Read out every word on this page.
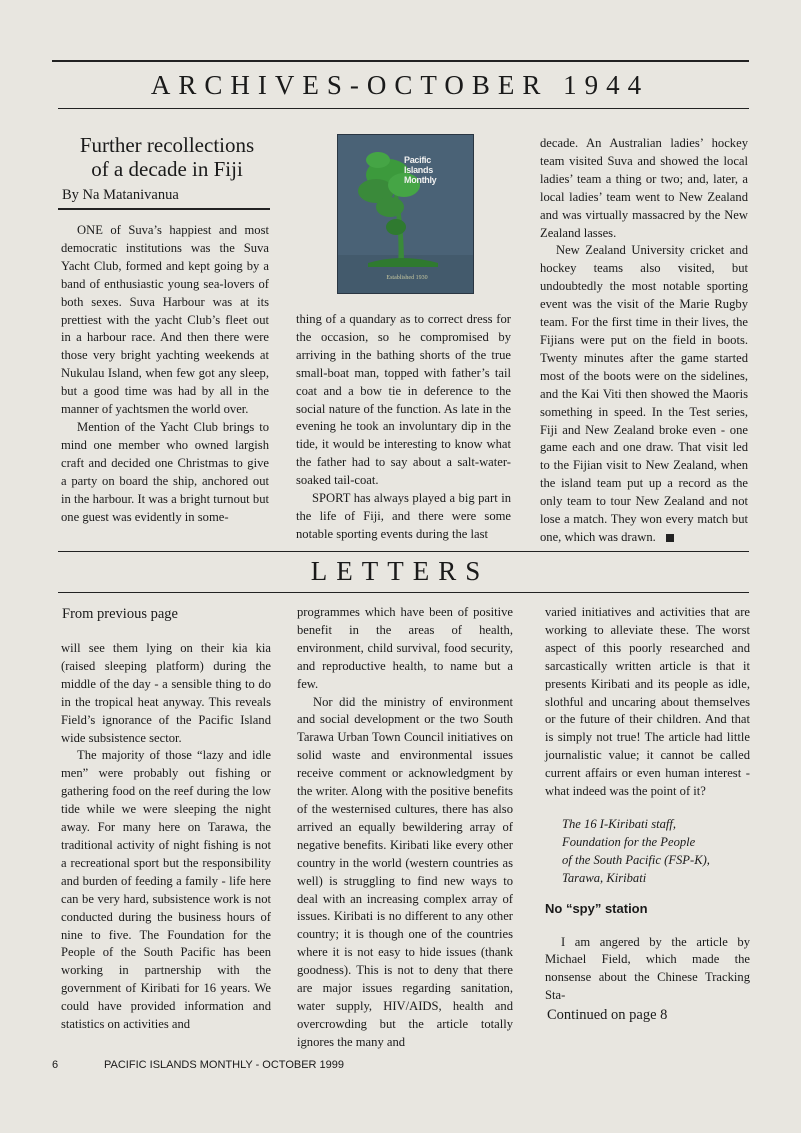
ARCHIVES-OCTOBER 1944
Further recollections
of a decade in Fiji
By Na Matanivanua

ONE of Suva’s happiest and most democratic institutions was the Suva Yacht Club, formed and kept going by a band of enthusiastic young sea-lovers of both sexes. Suva Harbour was at its prettiest with the yacht Club’s fleet out in a harbour race. And then there were those very bright yachting weekends at Nukulau Island, when few got any sleep, but a good time was had by all in the manner of yachtsmen the world over.

Mention of the Yacht Club brings to mind one member who owned largish craft and decided one Christmas to give a party on board the ship, anchored out in the harbour. It was a bright turnout but one guest was evidently in some-

Pacific Islands Monthly
Established 1930

thing of a quandary as to correct dress for the occasion, so he compromised by arriving in the bathing shorts of the true small-boat man, topped with father’s tail coat and a bow tie in deference to the social nature of the function. As late in the evening he took an involuntary dip in the tide, it would be interesting to know what the father had to say about a salt-water-soaked tail-coat.

SPORT has always played a big part in the life of Fiji, and there were some notable sporting events during the last

decade. An Australian ladies’ hockey team visited Suva and showed the local ladies’ team a thing or two; and, later, a local ladies’ team went to New Zealand and was virtually massacred by the New Zealand lasses.

New Zealand University cricket and hockey teams also visited, but undoubtedly the most notable sporting event was the visit of the Marie Rugby team. For the first time in their lives, the Fijians were put on the field in boots. Twenty minutes after the game started most of the boots were on the sidelines, and the Kai Viti then showed the Maoris something in speed. In the Test series, Fiji and New Zealand broke even - one game each and one draw. That visit led to the Fijian visit to New Zealand, when the island team put up a record as the only team to tour New Zealand and not lose a match. They won every match but one, which was drawn.

LETTERS
From previous page

will see them lying on their kia kia (raised sleeping platform) during the middle of the day - a sensible thing to do in the tropical heat anyway. This reveals Field’s ignorance of the Pacific Island wide subsistence sector.

The majority of those “lazy and idle men” were probably out fishing or gathering food on the reef during the low tide while we were sleeping the night away. For many here on Tarawa, the traditional activity of night fishing is not a recreational sport but the responsibility and burden of feeding a family - life here can be very hard, subsistence work is not conducted during the business hours of nine to five. The Foundation for the People of the South Pacific has been working in partnership with the government of Kiribati for 16 years. We could have provided information and statistics on activities and

programmes which have been of positive benefit in the areas of health, environment, child survival, food security, and reproductive health, to name but a few.

Nor did the ministry of environment and social development or the two South Tarawa Urban Town Council initiatives on solid waste and environmental issues receive comment or acknowledgment by the writer. Along with the positive benefits of the westernised cultures, there has also arrived an equally bewildering array of negative benefits. Kiribati like every other country in the world (western countries as well) is struggling to find new ways to deal with an increasing complex array of issues. Kiribati is no different to any other country; it is though one of the countries where it is not easy to hide issues (thank goodness). This is not to deny that there are major issues regarding sanitation, water supply, HIV/AIDS, health and overcrowding but the article totally ignores the many and

varied initiatives and activities that are working to alleviate these. The worst aspect of this poorly researched and sarcastically written article is that it presents Kiribati and its people as idle, slothful and uncaring about themselves or the future of their children. And that is simply not true! The article had little journalistic value; it cannot be called current affairs or even human interest - what indeed was the point of it?

The 16 I-Kiribati staff,
Foundation for the People
of the South Pacific (FSP-K),
Tarawa, Kiribati
No “spy” station

I am angered by the article by Michael Field, which made the nonsense about the Chinese Tracking Sta-

Continued on page 8
6	PACIFIC ISLANDS MONTHLY - OCTOBER 1999
